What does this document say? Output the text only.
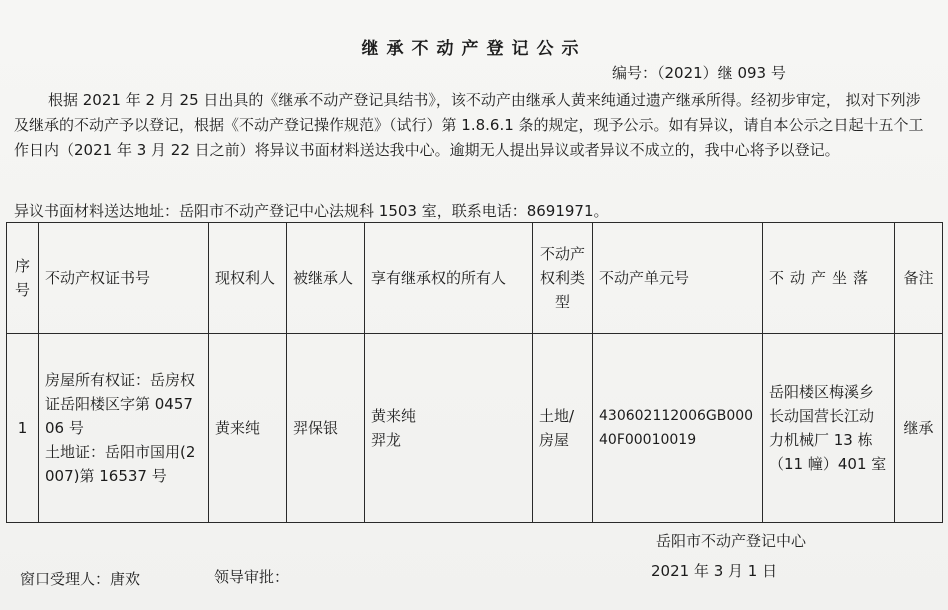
继承不动产登记公示
编号：（2021）继 093 号

根据 2021 年 2 月 25 日出具的《继承不动产登记具结书》，该不动产由继承人黄来纯通过遗产继承所得。经初步审定， 拟对下列涉及继承的不动产予以登记，根据《不动产登记操作规范》（试行）第 1.8.6.1 条的规定，现予公示。如有异议，请自本公示之日起十五个工作日内（2021 年 3 月 22 日之前）将异议书面材料送达我中心。逾期无人提出异议或者异议不成立的，我中心将予以登记。

异议书面材料送达地址：岳阳市不动产登记中心法规科 1503 室，联系电话：8691971。
序号	不动产权证书号	现权利人	被继承人	享有继承权的所有人	不动产权利类型	不动产单元号	不动产坐落	备注
1	房屋所有权证：岳房权证岳阳楼区字第 045706 号
土地证：岳阳市国用(2007)第 16537 号	黄来纯	羿保银	黄来纯
羿龙	土地/房屋	430602112006GB00040F00010019	岳阳楼区梅溪乡长动国营长江动力机械厂 13 栋（11 幢）401 室	继承
岳阳市不动产登记中心
2021 年 3 月 1 日
窗口受理人：唐欢	领导审批：
